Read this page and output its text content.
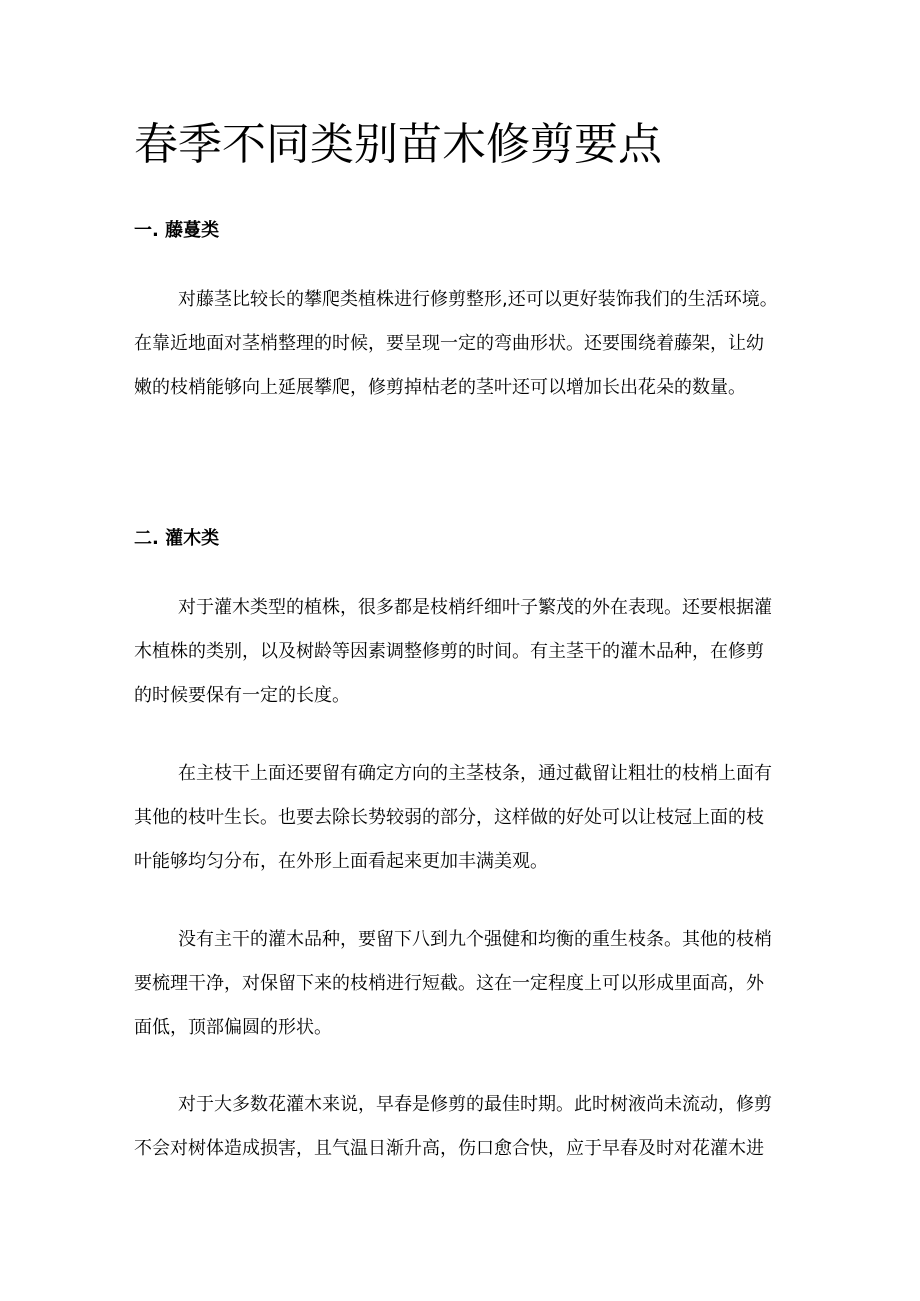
春季不同类别苗木修剪要点
一. 藤蔓类

对藤茎比较长的攀爬类植株进行修剪整形,还可以更好装饰我们的生活环境。
在靠近地面对茎梢整理的时候，要呈现一定的弯曲形状。还要围绕着藤架，让幼
嫩的枝梢能够向上延展攀爬，修剪掉枯老的茎叶还可以增加长出花朵的数量。

二. 灌木类

对于灌木类型的植株，很多都是枝梢纤细叶子繁茂的外在表现。还要根据灌
木植株的类别，以及树龄等因素调整修剪的时间。有主茎干的灌木品种，在修剪
的时候要保有一定的长度。

在主枝干上面还要留有确定方向的主茎枝条，通过截留让粗壮的枝梢上面有
其他的枝叶生长。也要去除长势较弱的部分，这样做的好处可以让枝冠上面的枝
叶能够均匀分布，在外形上面看起来更加丰满美观。

没有主干的灌木品种，要留下八到九个强健和均衡的重生枝条。其他的枝梢
要梳理干净，对保留下来的枝梢进行短截。这在一定程度上可以形成里面高，外
面低，顶部偏圆的形状。

对于大多数花灌木来说，早春是修剪的最佳时期。此时树液尚未流动，修剪
不会对树体造成损害，且气温日渐升高，伤口愈合快，应于早春及时对花灌木进
